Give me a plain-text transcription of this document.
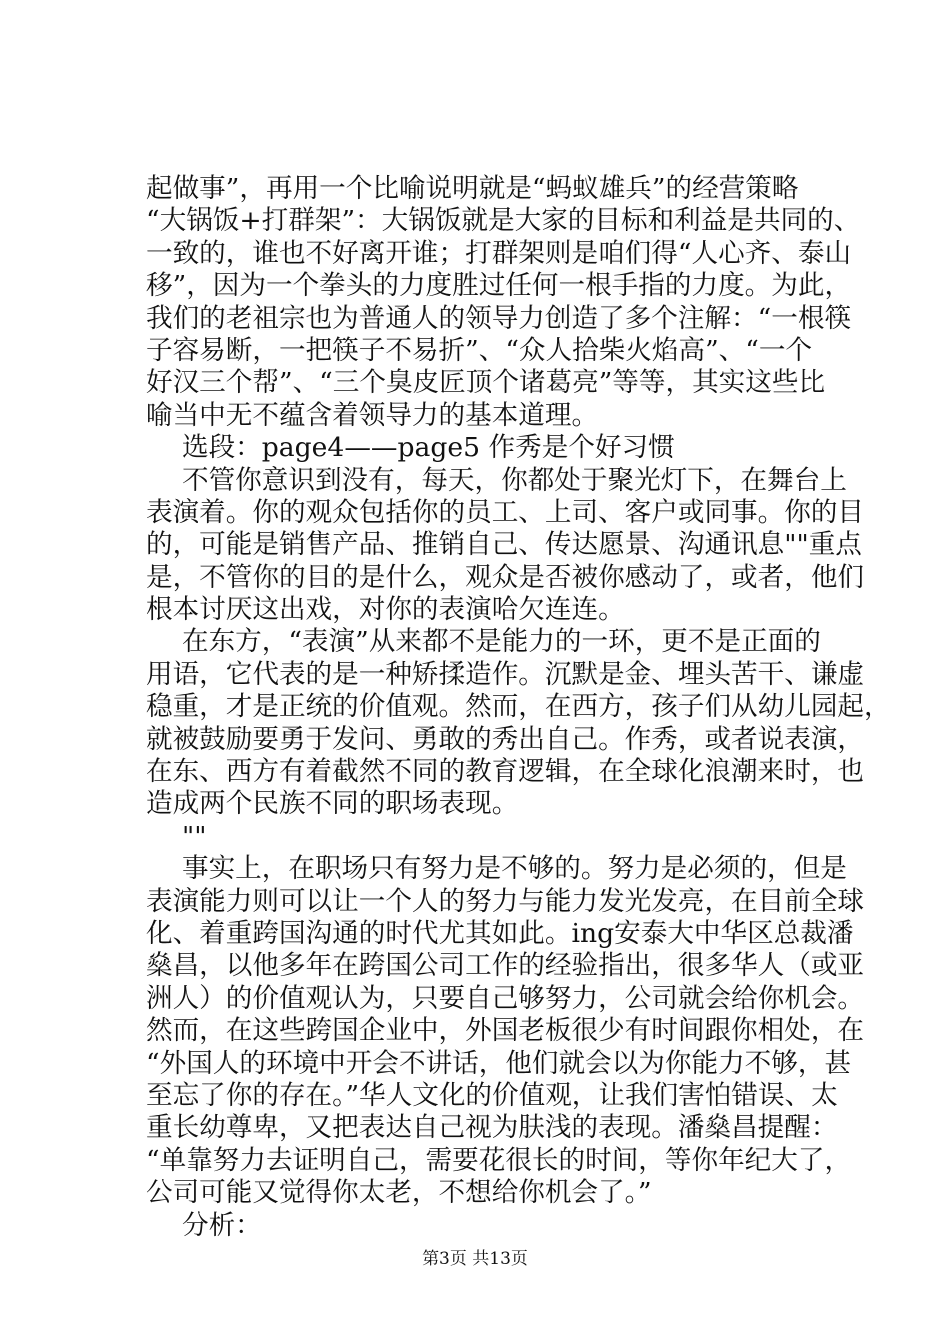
起做事”，再用一个比喻说明就是“蚂蚁雄兵”的经营策略
“大锅饭+打群架”：大锅饭就是大家的目标和利益是共同的、
一致的，谁也不好离开谁；打群架则是咱们得“人心齐、泰山
移”，因为一个拳头的力度胜过任何一根手指的力度。为此，
我们的老祖宗也为普通人的领导力创造了多个注解：“一根筷
子容易断，一把筷子不易折”、“众人拾柴火焰高”、“一个
好汉三个帮”、“三个臭皮匠顶个诸葛亮”等等，其实这些比
喻当中无不蕴含着领导力的基本道理。
选段：page4——page5 作秀是个好习惯
不管你意识到没有，每天，你都处于聚光灯下，在舞台上
表演着。你的观众包括你的员工、上司、客户或同事。你的目
的，可能是销售产品、推销自己、传达愿景、沟通讯息""重点
是，不管你的目的是什么，观众是否被你感动了，或者，他们
根本讨厌这出戏，对你的表演哈欠连连。
在东方，“表演”从来都不是能力的一环，更不是正面的
用语，它代表的是一种矫揉造作。沉默是金、埋头苦干、谦虚
稳重，才是正统的价值观。然而，在西方，孩子们从幼儿园起，
就被鼓励要勇于发问、勇敢的秀出自己。作秀，或者说表演，
在东、西方有着截然不同的教育逻辑，在全球化浪潮来时，也
造成两个民族不同的职场表现。
""
事实上，在职场只有努力是不够的。努力是必须的，但是
表演能力则可以让一个人的努力与能力发光发亮，在目前全球
化、着重跨国沟通的时代尤其如此。ing安泰大中华区总裁潘
燊昌，以他多年在跨国公司工作的经验指出，很多华人（或亚
洲人）的价值观认为，只要自己够努力，公司就会给你机会。
然而，在这些跨国企业中，外国老板很少有时间跟你相处，在
“外国人的环境中开会不讲话，他们就会以为你能力不够，甚
至忘了你的存在。”华人文化的价值观，让我们害怕错误、太
重长幼尊卑，又把表达自己视为肤浅的表现。潘燊昌提醒：
“单靠努力去证明自己，需要花很长的时间，等你年纪大了，
公司可能又觉得你太老，不想给你机会了。”
分析：
第3页 共13页
